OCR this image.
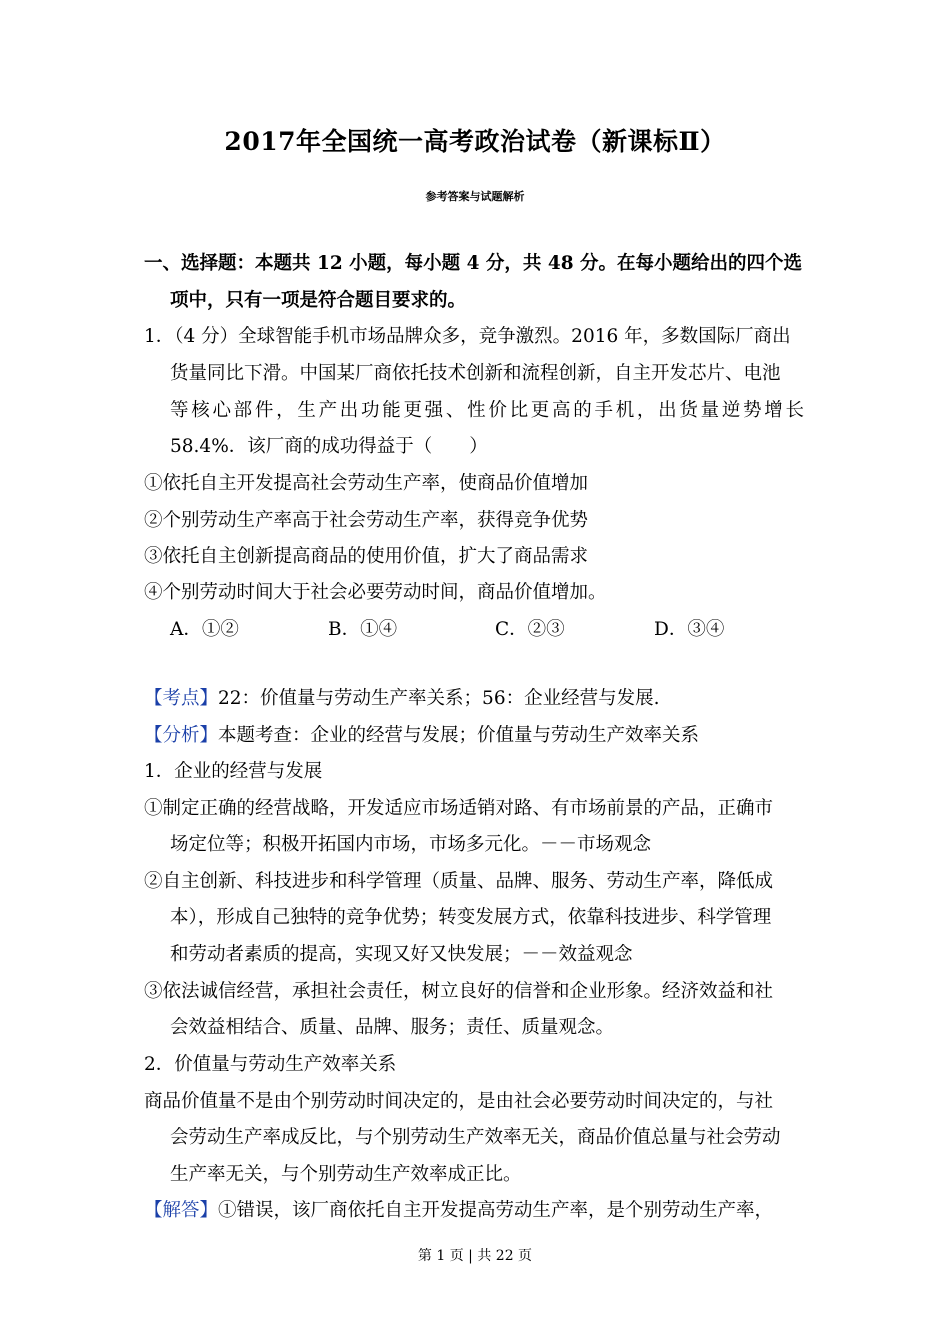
2017年全国统一高考政治试卷（新课标Ⅱ）
参考答案与试题解析
一、选择题：本题共 12 小题，每小题 4 分，共 48 分。在每小题给出的四个选
项中，只有一项是符合题目要求的。
1．（4 分）全球智能手机市场品牌众多，竞争激烈。2016 年，多数国际厂商出
货量同比下滑。中国某厂商依托技术创新和流程创新，自主开发芯片、电池
等核心部件，生产出功能更强、性价比更高的手机，出货量逆势增长
58.4%．该厂商的成功得益于（　　）
①依托自主开发提高社会劳动生产率，使商品价值增加
②个别劳动生产率高于社会劳动生产率，获得竞争优势
③依托自主创新提高商品的使用价值，扩大了商品需求
④个别劳动时间大于社会必要劳动时间，商品价值增加。
A．①②	B．①④	C．②③	D．③④
【考点】22：价值量与劳动生产率关系；56：企业经营与发展.
【分析】本题考查：企业的经营与发展；价值量与劳动生产效率关系
1．企业的经营与发展
①制定正确的经营战略，开发适应市场适销对路、有市场前景的产品，正确市
场定位等；积极开拓国内市场，市场多元化。－－市场观念
②自主创新、科技进步和科学管理（质量、品牌、服务、劳动生产率，降低成
本），形成自己独特的竞争优势；转变发展方式，依靠科技进步、科学管理
和劳动者素质的提高，实现又好又快发展；－－效益观念
③依法诚信经营，承担社会责任，树立良好的信誉和企业形象。经济效益和社
会效益相结合、质量、品牌、服务；责任、质量观念。
2．价值量与劳动生产效率关系
商品价值量不是由个别劳动时间决定的，是由社会必要劳动时间决定的，与社
会劳动生产率成反比，与个别劳动生产效率无关，商品价值总量与社会劳动
生产率无关，与个别劳动生产效率成正比。
【解答】①错误，该厂商依托自主开发提高劳动生产率，是个别劳动生产率，
第 1 页 | 共 22 页
